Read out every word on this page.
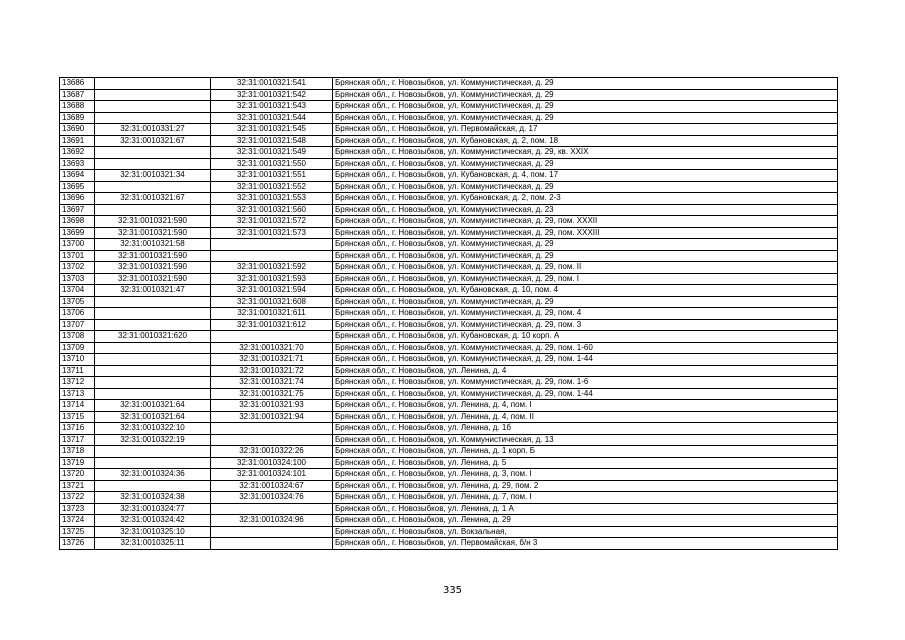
13686		32:31:0010321:541	Брянская обл., г. Новозыбков, ул. Коммунистическая, д. 29
13687		32:31:0010321:542	Брянская обл., г. Новозыбков, ул. Коммунистическая, д. 29
13688		32:31:0010321:543	Брянская обл., г. Новозыбков, ул. Коммунистическая, д. 29
13689		32:31:0010321:544	Брянская обл., г. Новозыбков, ул. Коммунистическая, д. 29
13690	32:31:0010331:27	32:31:0010321:545	Брянская обл., г. Новозыбков, ул. Первомайская, д. 17
13691	32:31:0010321:67	32:31:0010321:548	Брянская обл., г. Новозыбков, ул. Кубановская, д. 2, пом. 18
13692		32:31:0010321:549	Брянская обл., г. Новозыбков, ул. Коммунистическая, д. 29, кв. XXIX
13693		32:31:0010321:550	Брянская обл., г. Новозыбков, ул. Коммунистическая, д. 29
13694	32:31:0010321:34	32:31:0010321:551	Брянская обл., г. Новозыбков, ул. Кубановская, д. 4, пом. 17
13695		32:31:0010321:552	Брянская обл., г. Новозыбков, ул. Коммунистическая, д. 29
13696	32:31:0010321:67	32:31:0010321:553	Брянская обл., г. Новозыбков, ул. Кубановская, д. 2, пом. 2-3
13697		32:31:0010321:560	Брянская обл., г. Новозыбков, ул. Коммунистическая, д. 23
13698	32:31:0010321:590	32:31:0010321:572	Брянская обл., г. Новозыбков, ул. Коммунистическая, д. 29, пом. XXXII
13699	32:31:0010321:590	32:31:0010321:573	Брянская обл., г. Новозыбков, ул. Коммунистическая, д. 29, пом. XXXIII
13700	32:31:0010321:58		Брянская обл., г. Новозыбков, ул. Коммунистическая, д. 29
13701	32:31:0010321:590		Брянская обл., г. Новозыбков, ул. Коммунистическая, д. 29
13702	32:31:0010321:590	32:31:0010321:592	Брянская обл., г. Новозыбков, ул. Коммунистическая, д. 29, пом. II
13703	32:31:0010321:590	32:31:0010321:593	Брянская обл., г. Новозыбков, ул. Коммунистическая, д. 29, пом. I
13704	32:31:0010321:47	32:31:0010321:594	Брянская обл., г. Новозыбков, ул. Кубановская, д. 10, пом. 4
13705		32:31:0010321:608	Брянская обл., г. Новозыбков, ул. Коммунистическая, д. 29
13706		32:31:0010321:611	Брянская обл., г. Новозыбков, ул. Коммунистическая, д. 29, пом. 4
13707		32:31:0010321:612	Брянская обл., г. Новозыбков, ул. Коммунистическая, д. 29, пом. 3
13708	32:31:0010321:620		Брянская обл., г. Новозыбков, ул. Кубановская, д. 10 корп. А
13709		32:31:0010321:70	Брянская обл., г. Новозыбков, ул. Коммунистическая, д. 29, пом. 1-60
13710		32:31:0010321:71	Брянская обл., г. Новозыбков, ул. Коммунистическая, д. 29, пом. 1-44
13711		32:31:0010321:72	Брянская обл., г. Новозыбков, ул. Ленина, д. 4
13712		32:31:0010321:74	Брянская обл., г. Новозыбков, ул. Коммунистическая, д. 29, пом. 1-6
13713		32:31:0010321:75	Брянская обл., г. Новозыбков, ул. Коммунистическая, д. 29, пом. 1-44
13714	32:31:0010321:64	32:31:0010321:93	Брянская обл., г. Новозыбков, ул. Ленина, д. 4, пом. I
13715	32:31:0010321:64	32:31:0010321:94	Брянская обл., г. Новозыбков, ул. Ленина, д. 4, пом. II
13716	32:31:0010322:10		Брянская обл., г. Новозыбков, ул. Ленина, д. 1б
13717	32:31:0010322:19		Брянская обл., г. Новозыбков, ул. Коммунистическая, д. 13
13718		32:31:0010322:26	Брянская обл., г. Новозыбков, ул. Ленина, д. 1 корп. Б
13719		32:31:0010324:100	Брянская обл., г. Новозыбков, ул. Ленина, д. 5
13720	32:31:0010324:36	32:31:0010324:101	Брянская обл., г. Новозыбков, ул. Ленина, д. 3, пом. I
13721		32:31:0010324:67	Брянская обл., г. Новозыбков, ул. Ленина, д. 29, пом. 2
13722	32:31:0010324:38	32:31:0010324:76	Брянская обл., г. Новозыбков, ул. Ленина, д. 7, пом. I
13723	32:31:0010324:77		Брянская обл., г. Новозыбков, ул. Ленина, д. 1 А
13724	32:31:0010324:42	32:31:0010324:96	Брянская обл., г. Новозыбков, ул. Ленина, д. 29
13725	32:31:0010325:10		Брянская обл., г. Новозыбков, ул. Вокзальная,
13726	32:31:0010325:11		Брянская обл., г. Новозыбков, ул. Первомайская, б/н 3
335
